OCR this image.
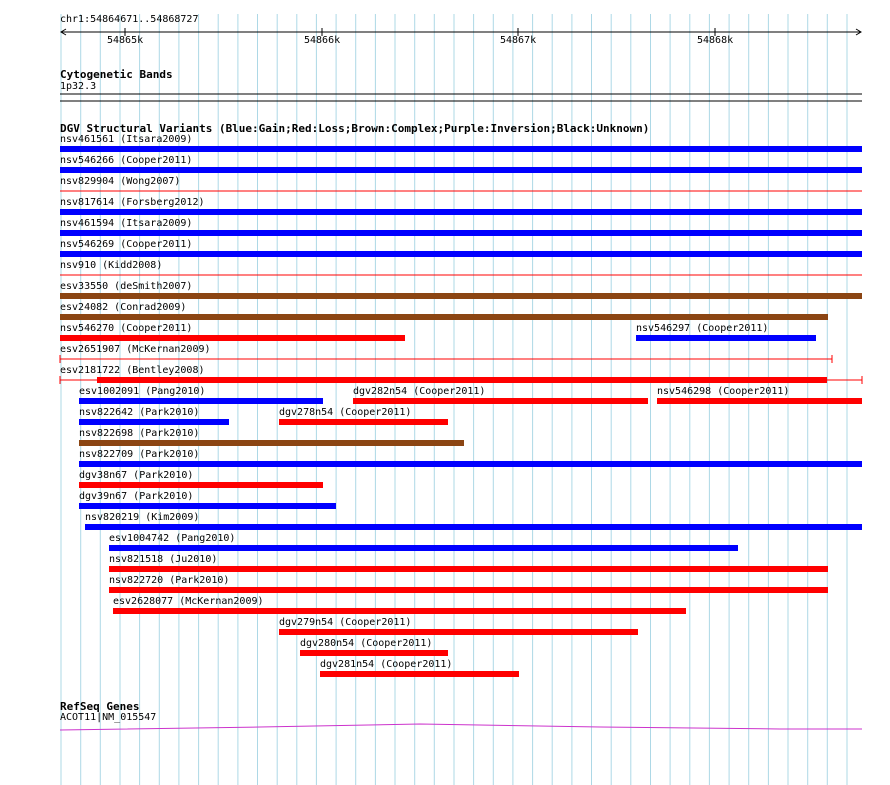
chr1:54864671..54868727
54865k	54866k	54867k	54868k
Cytogenetic Bands
1p32.3
DGV Structural Variants (Blue:Gain;Red:Loss;Brown:Complex;Purple:Inversion;Black:Unknown)
nsv461561 (Itsara2009)
nsv546266 (Cooper2011)
nsv829904 (Wong2007)
nsv817614 (Forsberg2012)
nsv461594 (Itsara2009)
nsv546269 (Cooper2011)
nsv910 (Kidd2008)
esv33550 (deSmith2007)
esv24082 (Conrad2009)
nsv546270 (Cooper2011)	nsv546297 (Cooper2011)
esv2651907 (McKernan2009)
esv2181722 (Bentley2008)
esv1002091 (Pang2010)	dgv282n54 (Cooper2011)	nsv546298 (Cooper2011)
nsv822642 (Park2010)	dgv278n54 (Cooper2011)
nsv822698 (Park2010)
nsv822709 (Park2010)
dgv38n67 (Park2010)
dgv39n67 (Park2010)
nsv820219 (Kim2009)
esv1004742 (Pang2010)
nsv821518 (Ju2010)
nsv822720 (Park2010)
esv2628077 (McKernan2009)
dgv279n54 (Cooper2011)
dgv280n54 (Cooper2011)
dgv281n54 (Cooper2011)
RefSeq Genes
ACOT11|NM_015547
